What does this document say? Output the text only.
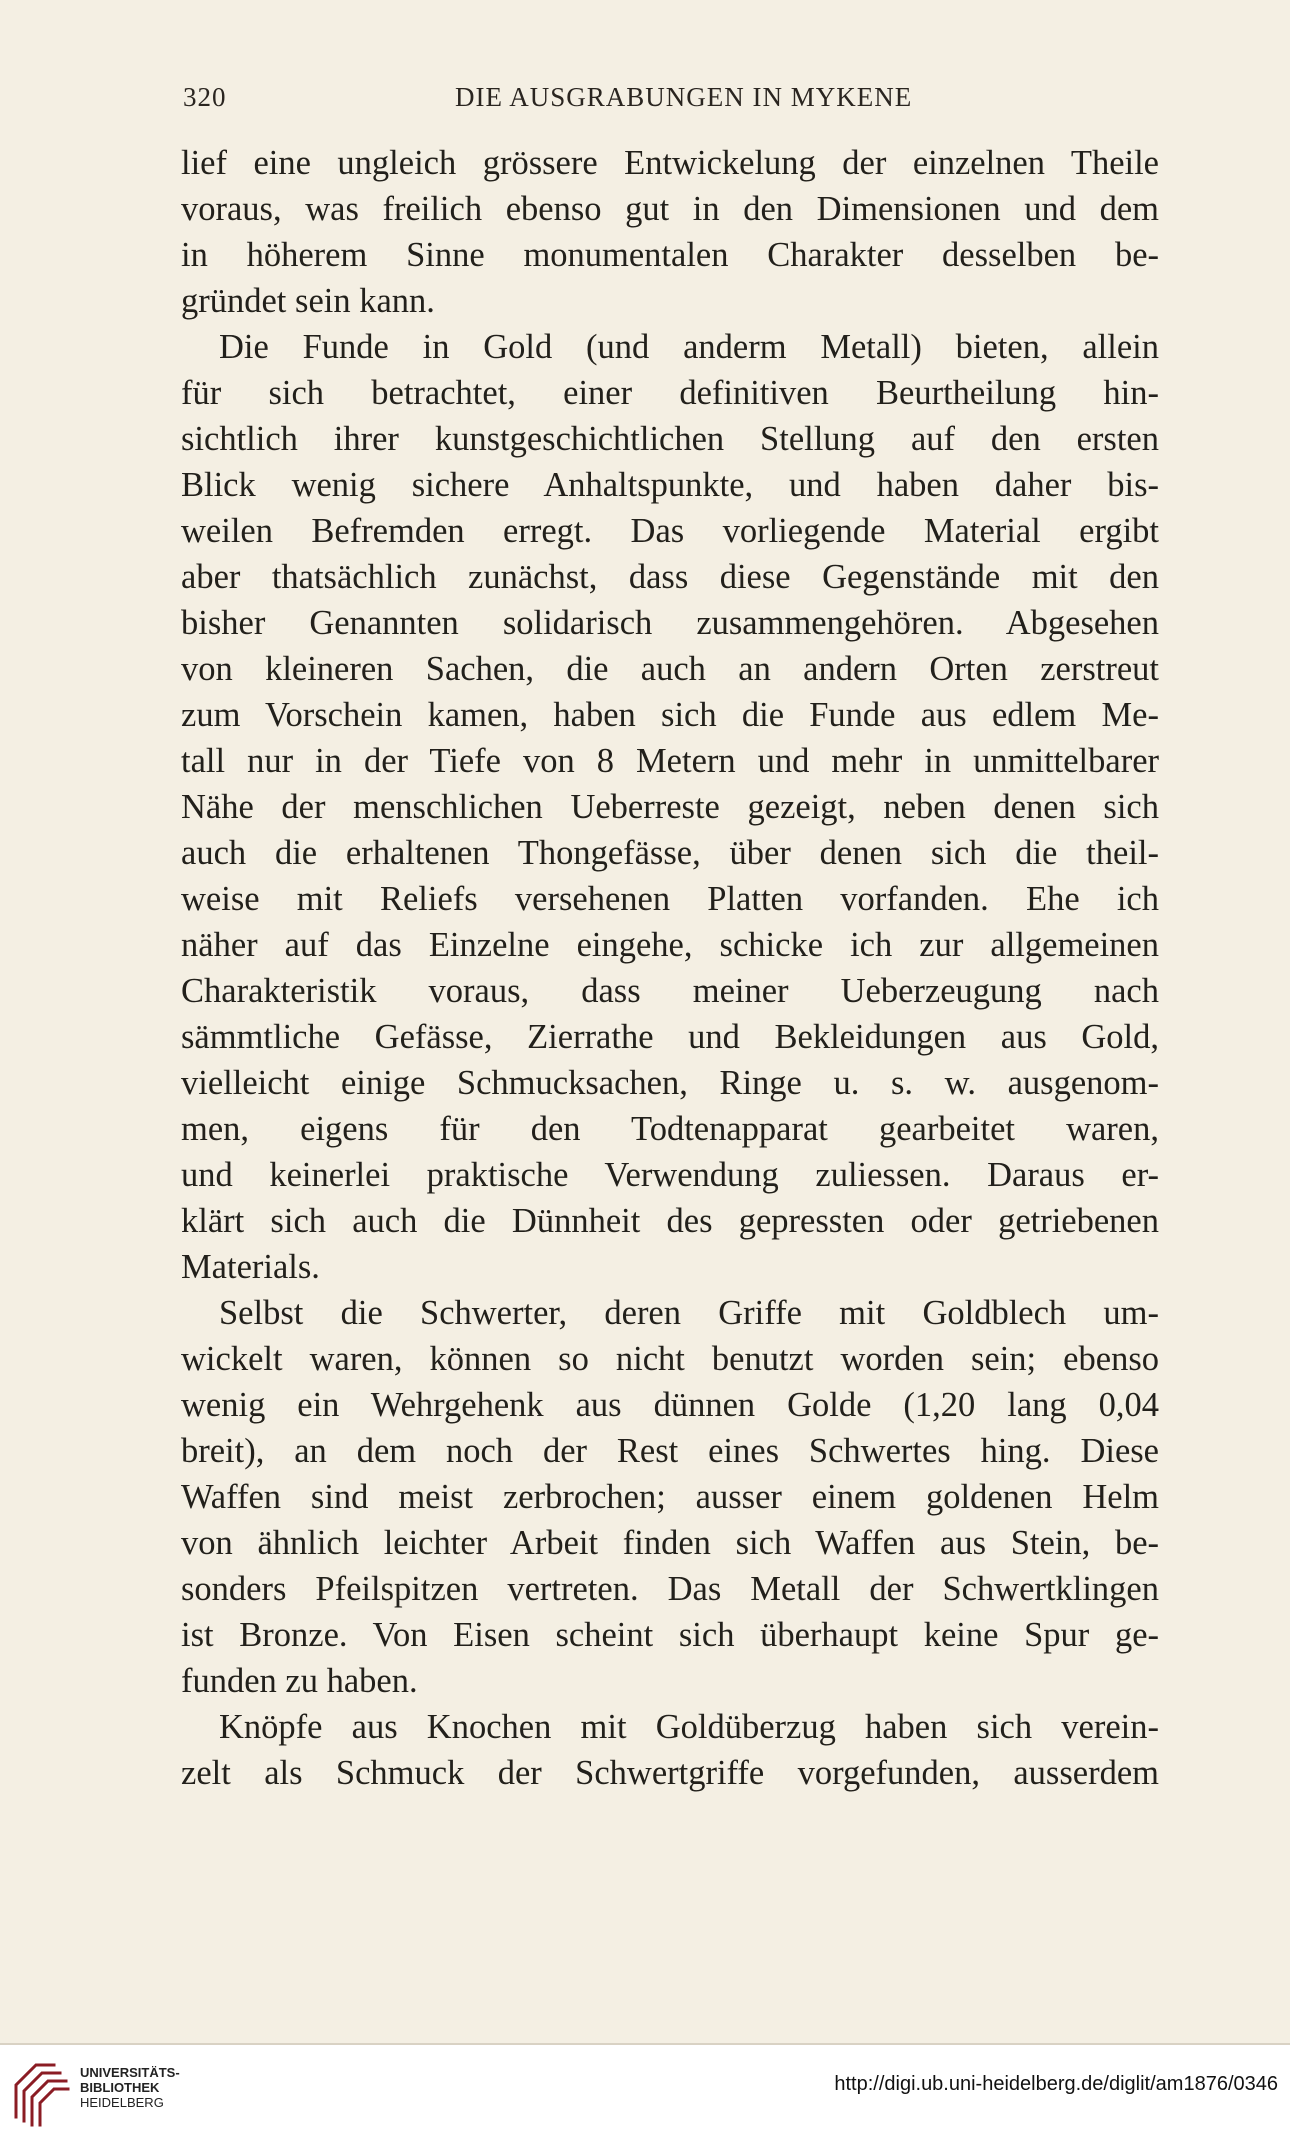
320	DIE AUSGRABUNGEN IN MYKENE
lief eine ungleich grössere Entwickelung der einzelnen Theile
voraus, was freilich ebenso gut in den Dimensionen und dem
in höherem Sinne monumentalen Charakter desselben be-
gründet sein kann.
Die Funde in Gold (und anderm Metall) bieten, allein
für sich betrachtet, einer definitiven Beurtheilung hin-
sichtlich ihrer kunstgeschichtlichen Stellung auf den ersten
Blick wenig sichere Anhaltspunkte, und haben daher bis-
weilen Befremden erregt. Das vorliegende Material ergibt
aber thatsächlich zunächst, dass diese Gegenstände mit den
bisher Genannten solidarisch zusammengehören. Abgesehen
von kleineren Sachen, die auch an andern Orten zerstreut
zum Vorschein kamen, haben sich die Funde aus edlem Me-
tall nur in der Tiefe von 8 Metern und mehr in unmittelbarer
Nähe der menschlichen Ueberreste gezeigt, neben denen sich
auch die erhaltenen Thongefässe, über denen sich die theil-
weise mit Reliefs versehenen Platten vorfanden. Ehe ich
näher auf das Einzelne eingehe, schicke ich zur allgemeinen
Charakteristik voraus, dass meiner Ueberzeugung nach
sämmtliche Gefässe, Zierrathe und Bekleidungen aus Gold,
vielleicht einige Schmucksachen, Ringe u. s. w. ausgenom-
men, eigens für den Todtenapparat gearbeitet waren,
und keinerlei praktische Verwendung zuliessen. Daraus er-
klärt sich auch die Dünnheit des gepressten oder getriebenen
Materials.
Selbst die Schwerter, deren Griffe mit Goldblech um-
wickelt waren, können so nicht benutzt worden sein; ebenso
wenig ein Wehrgehenk aus dünnen Golde (1,20 lang 0,04
breit), an dem noch der Rest eines Schwertes hing. Diese
Waffen sind meist zerbrochen; ausser einem goldenen Helm
von ähnlich leichter Arbeit finden sich Waffen aus Stein, be-
sonders Pfeilspitzen vertreten. Das Metall der Schwertklingen
ist Bronze. Von Eisen scheint sich überhaupt keine Spur ge-
funden zu haben.
Knöpfe aus Knochen mit Goldüberzug haben sich verein-
zelt als Schmuck der Schwertgriffe vorgefunden, ausserdem
UNIVERSITÄTS-
BIBLIOTHEK
HEIDELBERG
http://digi.ub.uni-heidelberg.de/diglit/am1876/0346
